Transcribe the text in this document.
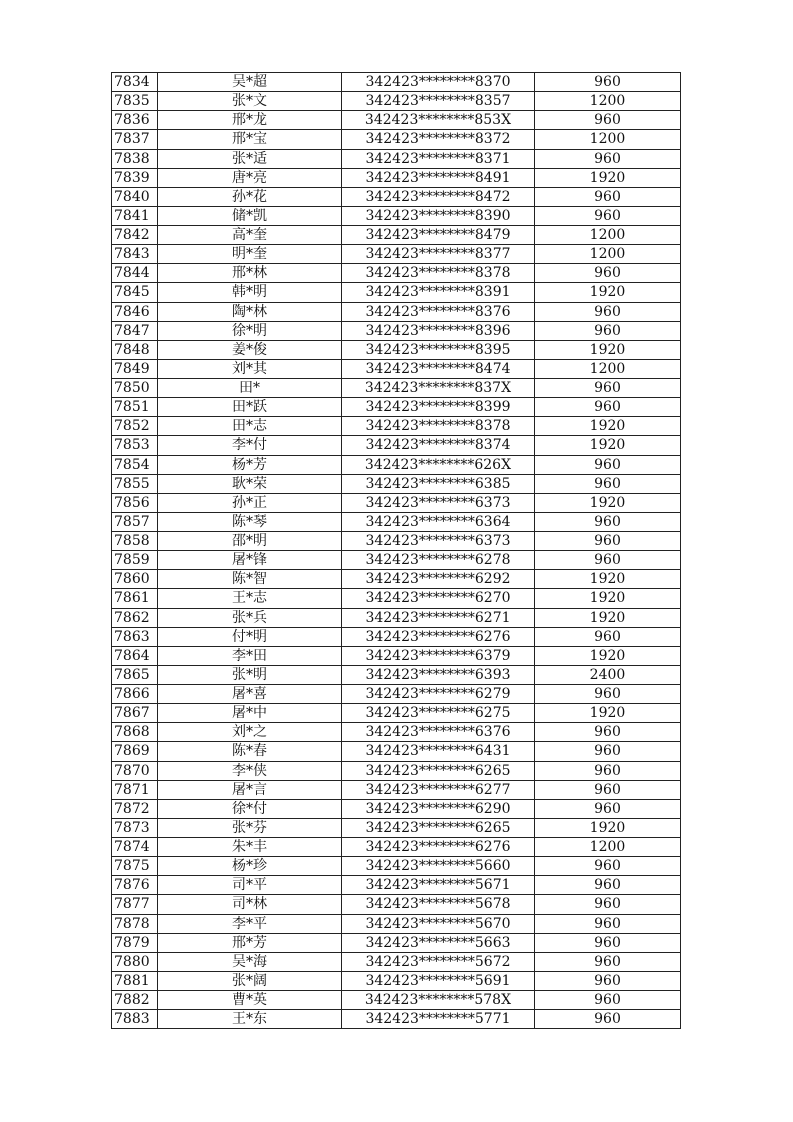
7834	吴*超	342423********8370	960
7835	张*文	342423********8357	1200
7836	邢*龙	342423********853X	960
7837	邢*宝	342423********8372	1200
7838	张*适	342423********8371	960
7839	唐*亮	342423********8491	1920
7840	孙*花	342423********8472	960
7841	储*凯	342423********8390	960
7842	高*奎	342423********8479	1200
7843	明*奎	342423********8377	1200
7844	邢*林	342423********8378	960
7845	韩*明	342423********8391	1920
7846	陶*林	342423********8376	960
7847	徐*明	342423********8396	960
7848	姜*俊	342423********8395	1920
7849	刘*其	342423********8474	1200
7850	田*	342423********837X	960
7851	田*跃	342423********8399	960
7852	田*志	342423********8378	1920
7853	李*付	342423********8374	1920
7854	杨*芳	342423********626X	960
7855	耿*荣	342423********6385	960
7856	孙*正	342423********6373	1920
7857	陈*琴	342423********6364	960
7858	邵*明	342423********6373	960
7859	屠*锋	342423********6278	960
7860	陈*智	342423********6292	1920
7861	王*志	342423********6270	1920
7862	张*兵	342423********6271	1920
7863	付*明	342423********6276	960
7864	李*田	342423********6379	1920
7865	张*明	342423********6393	2400
7866	屠*喜	342423********6279	960
7867	屠*中	342423********6275	1920
7868	刘*之	342423********6376	960
7869	陈*春	342423********6431	960
7870	李*侠	342423********6265	960
7871	屠*言	342423********6277	960
7872	徐*付	342423********6290	960
7873	张*芬	342423********6265	1920
7874	朱*丰	342423********6276	1200
7875	杨*珍	342423********5660	960
7876	司*平	342423********5671	960
7877	司*林	342423********5678	960
7878	李*平	342423********5670	960
7879	邢*芳	342423********5663	960
7880	吴*海	342423********5672	960
7881	张*阔	342423********5691	960
7882	曹*英	342423********578X	960
7883	王*东	342423********5771	960
